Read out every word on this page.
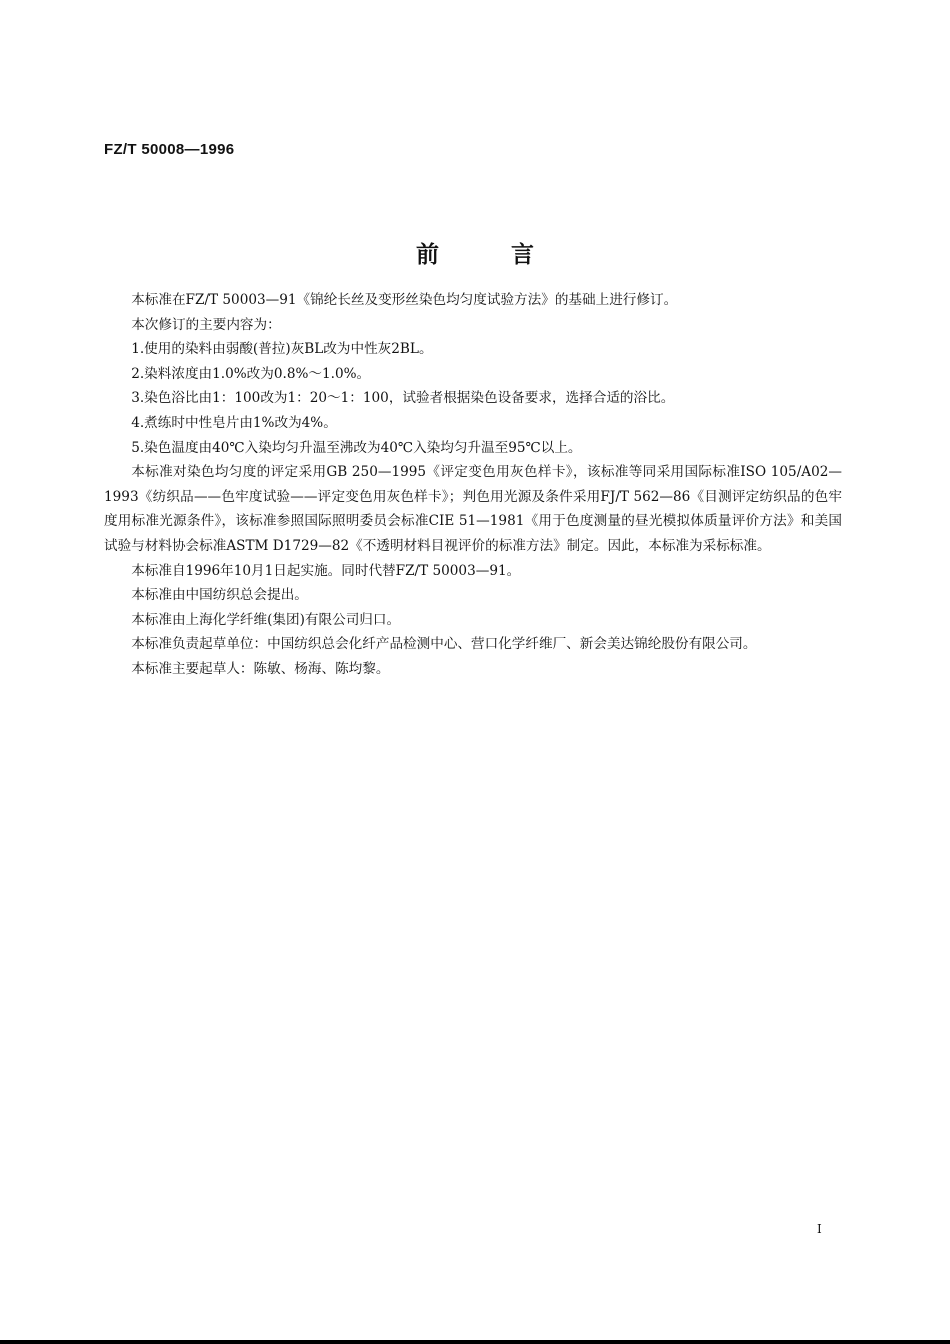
FZ/T 50008—1996
前	言

本标准在FZ/T 50003—91《锦纶长丝及变形丝染色均匀度试验方法》的基础上进行修订。

本次修订的主要内容为：

1.使用的染料由弱酸(普拉)灰BL改为中性灰2BL。

2.染料浓度由1.0%改为0.8%～1.0%。

3.染色浴比由1：100改为1：20～1：100，试验者根据染色设备要求，选择合适的浴比。

4.煮练时中性皂片由1%改为4%。

5.染色温度由40℃入染均匀升温至沸改为40℃入染均匀升温至95℃以上。

本标准对染色均匀度的评定采用GB 250—1995《评定变色用灰色样卡》，该标准等同采用国际标准ISO 105/A02—1993《纺织品——色牢度试验——评定变色用灰色样卡》；判色用光源及条件采用FJ/T 562—86《目测评定纺织品的色牢度用标准光源条件》，该标准参照国际照明委员会标准CIE 51—1981《用于色度测量的昼光模拟体质量评价方法》和美国试验与材料协会标准ASTM D1729—82《不透明材料目视评价的标准方法》制定。因此，本标准为采标标准。

本标准自1996年10月1日起实施。同时代替FZ/T 50003—91。

本标准由中国纺织总会提出。

本标准由上海化学纤维(集团)有限公司归口。

本标准负责起草单位：中国纺织总会化纤产品检测中心、营口化学纤维厂、新会美达锦纶股份有限公司。

本标准主要起草人：陈敏、杨海、陈均黎。

I
